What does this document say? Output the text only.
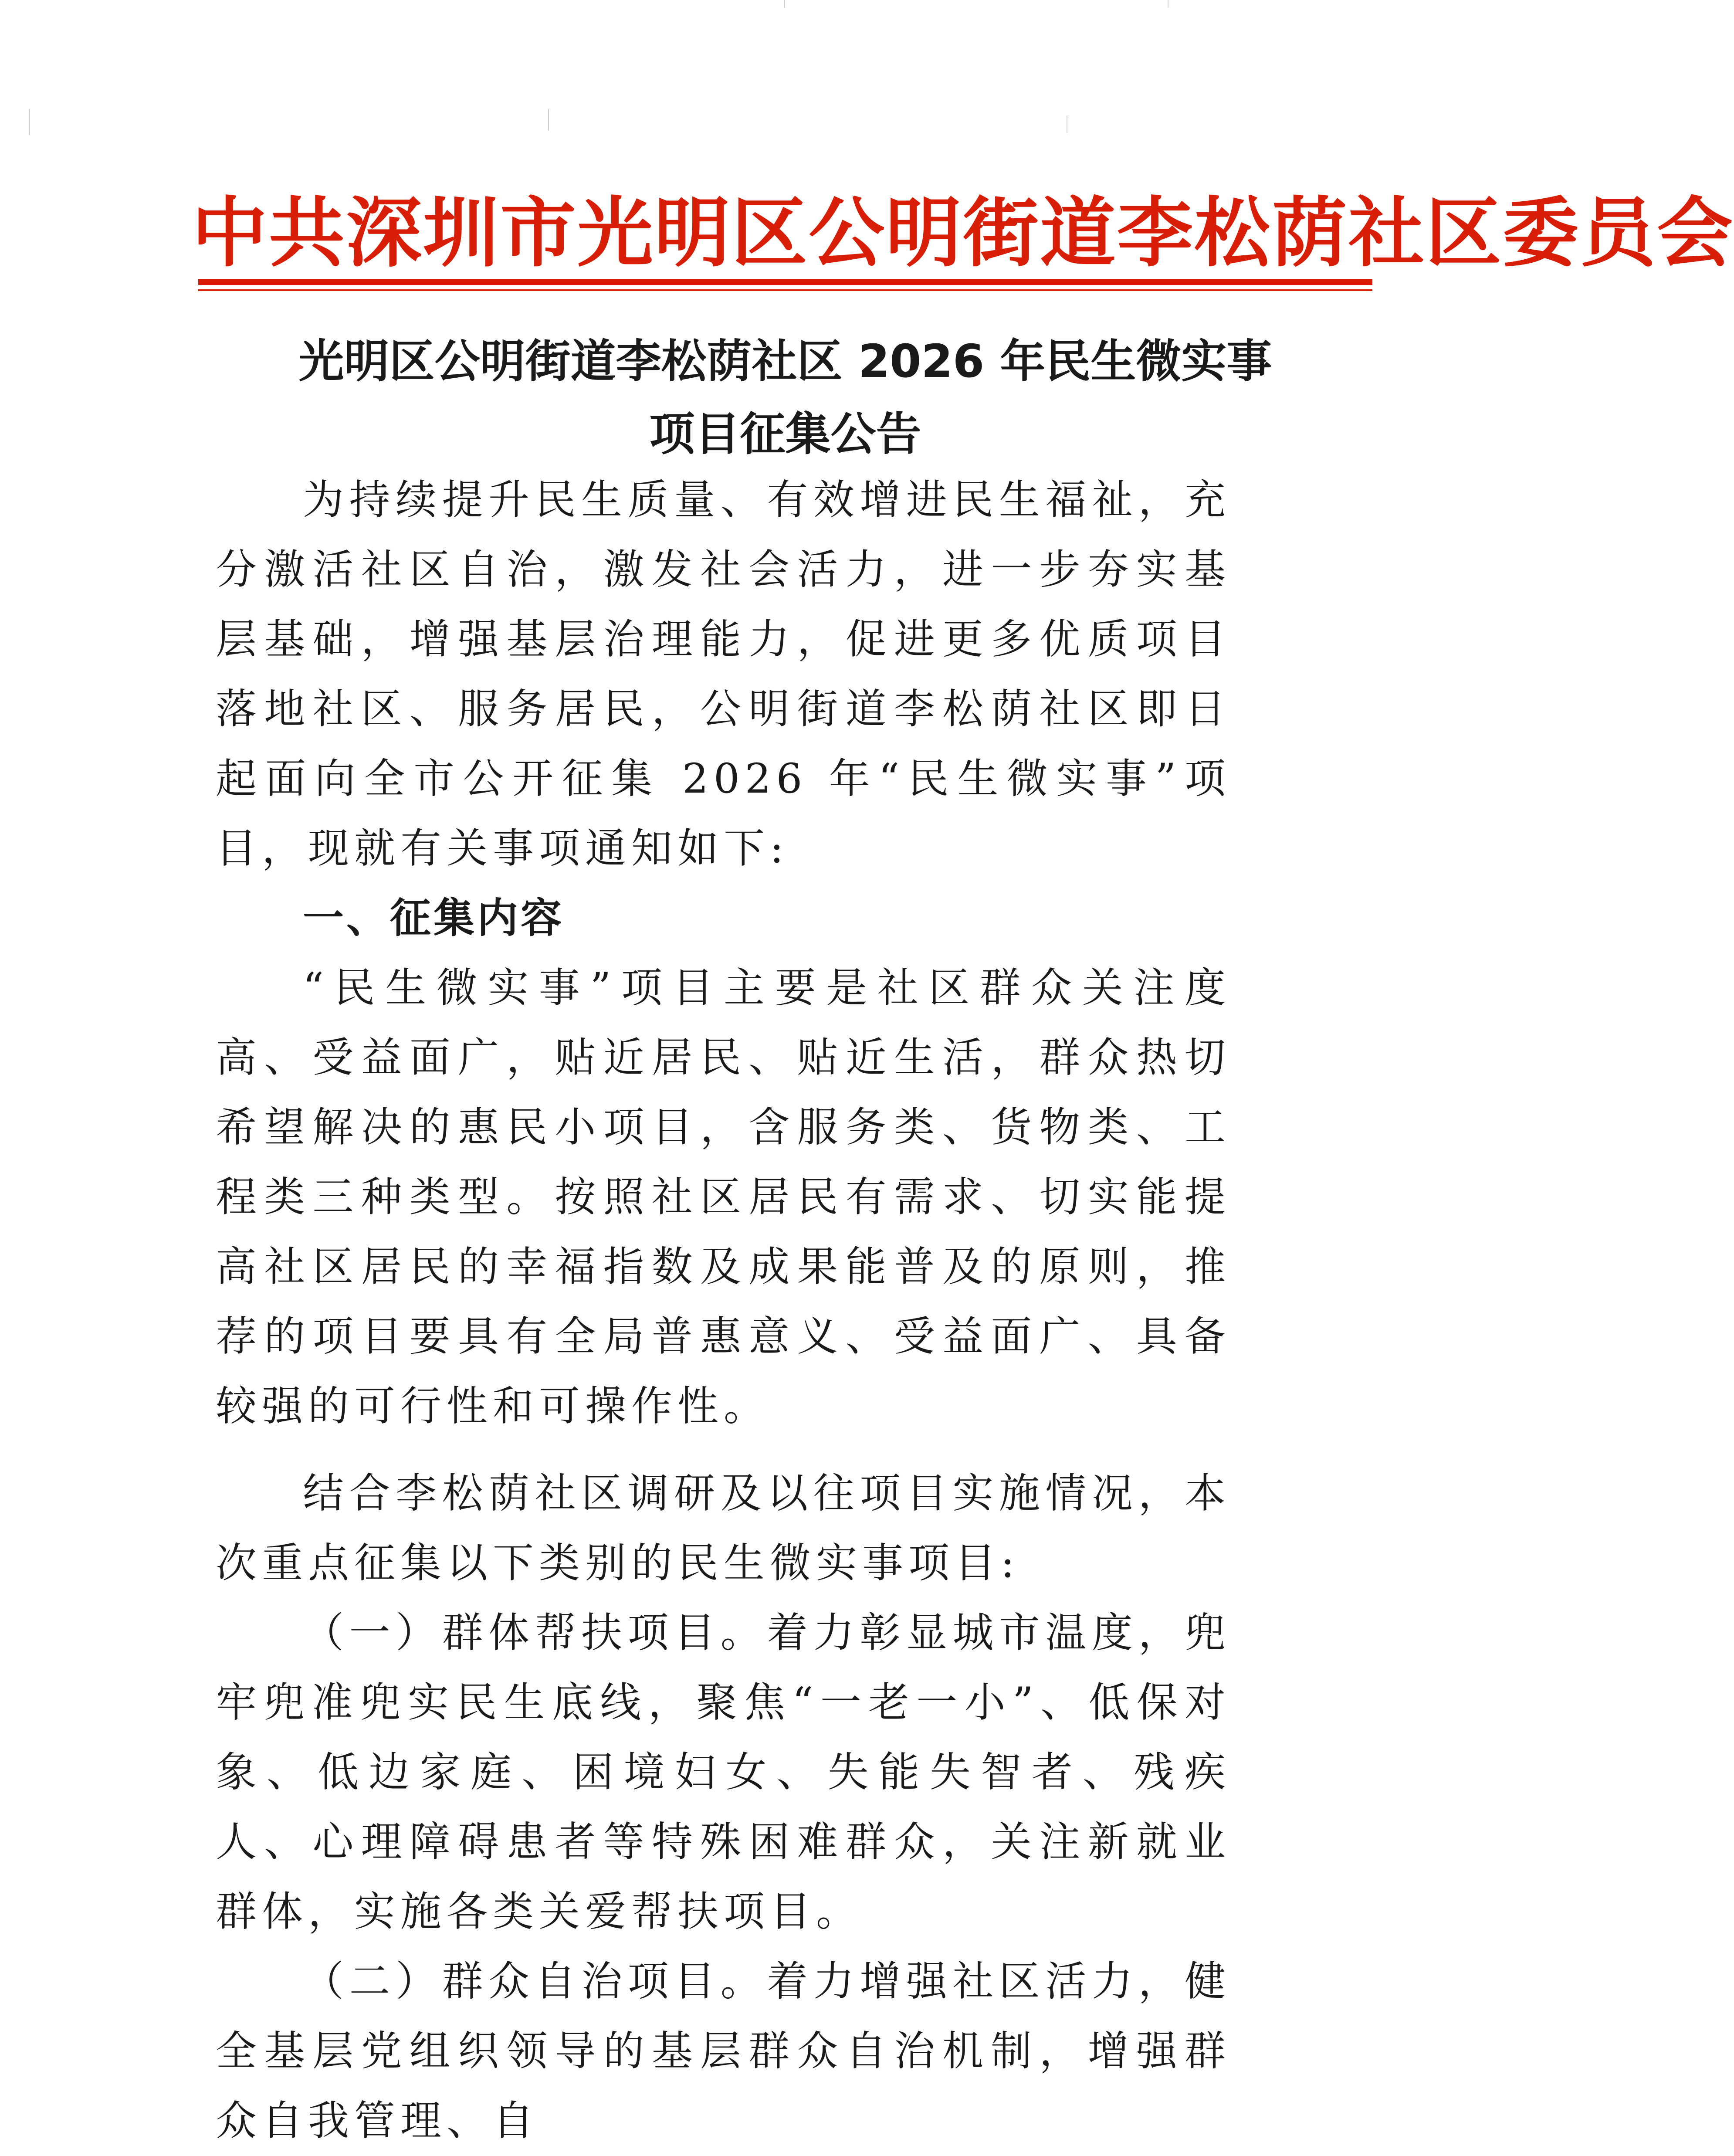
中共深圳市光明区公明街道李松荫社区委员会
光明区公明街道李松荫社区 2026 年民生微实事
项目征集公告

为持续提升民生质量、有效增进民生福祉，充分激活社区自治，激发社会活力，进一步夯实基层基础，增强基层治理能力，促进更多优质项目落地社区、服务居民，公明街道李松荫社区即日起面向全市公开征集 2026 年“民生微实事”项目，现就有关事项通知如下:

一、征集内容

“民生微实事”项目主要是社区群众关注度高、受益面广，贴近居民、贴近生活，群众热切希望解决的惠民小项目，含服务类、货物类、工程类三种类型。按照社区居民有需求、切实能提高社区居民的幸福指数及成果能普及的原则，推荐的项目要具有全局普惠意义、受益面广、具备较强的可行性和可操作性。

结合李松荫社区调研及以往项目实施情况，本次重点征集以下类别的民生微实事项目:

（一）群体帮扶项目。着力彰显城市温度，兜牢兜准兜实民生底线，聚焦“一老一小”、低保对象、低边家庭、困境妇女、失能失智者、残疾人、心理障碍患者等特殊困难群众，关注新就业群体，实施各类关爱帮扶项目。

（二）群众自治项目。着力增强社区活力，健全基层党组织领导的基层群众自治机制，增强群众自我管理、自
